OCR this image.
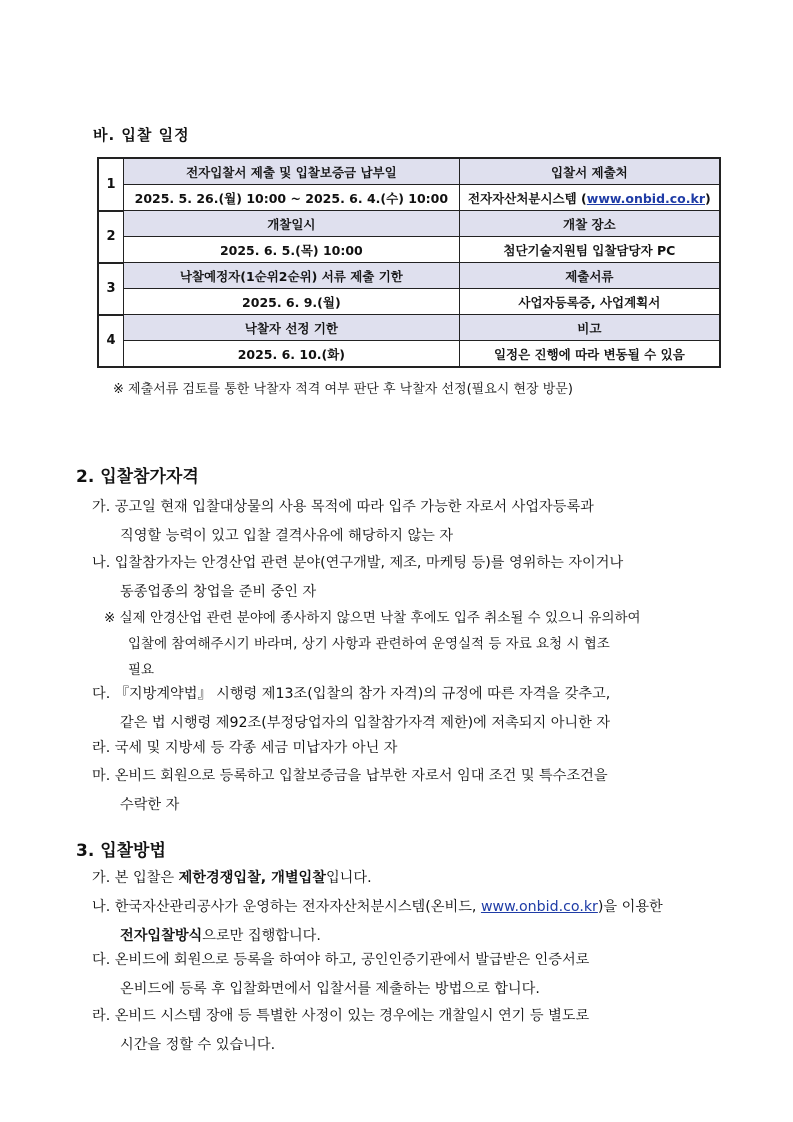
바. 입찰 일정
1	전자입찰서 제출 및 입찰보증금 납부일	입찰서 제출처
	2025. 5. 26.(월) 10:00 ~ 2025. 6. 4.(수) 10:00	전자자산처분시스템 (www.onbid.co.kr)
2	개찰일시	개찰 장소
	2025. 6. 5.(목) 10:00	첨단기술지원팀 입찰담당자 PC
3	낙찰예정자(1순위2순위) 서류 제출 기한	제출서류
	2025. 6. 9.(월)	사업자등록증, 사업계획서
4	낙찰자 선정 기한	비고
	2025. 6. 10.(화)	일정은 진행에 따라 변동될 수 있음
※ 제출서류 검토를 통한 낙찰자 적격 여부 판단 후 낙찰자 선정(필요시 현장 방문)
2. 입찰참가자격
가. 공고일 현재 입찰대상물의 사용 목적에 따라 입주 가능한 자로서 사업자등록과
직영할 능력이 있고 입찰 결격사유에 해당하지 않는 자
나. 입찰참가자는 안경산업 관련 분야(연구개발, 제조, 마케팅 등)를 영위하는 자이거나
동종업종의 창업을 준비 중인 자
※ 실제 안경산업 관련 분야에 종사하지 않으면 낙찰 후에도 입주 취소될 수 있으니 유의하여
입찰에 참여해주시기 바라며, 상기 사항과 관련하여 운영실적 등 자료 요청 시 협조
필요
다. 『지방계약법』 시행령 제13조(입찰의 참가 자격)의 규정에 따른 자격을 갖추고,
같은 법 시행령 제92조(부정당업자의 입찰참가자격 제한)에 저촉되지 아니한 자
라. 국세 및 지방세 등 각종 세금 미납자가 아닌 자
마. 온비드 회원으로 등록하고 입찰보증금을 납부한 자로서 임대 조건 및 특수조건을
수락한 자
3. 입찰방법
가. 본 입찰은 제한경쟁입찰, 개별입찰입니다.
나. 한국자산관리공사가 운영하는 전자자산처분시스템(온비드, www.onbid.co.kr)을 이용한
전자입찰방식으로만 집행합니다.
다. 온비드에 회원으로 등록을 하여야 하고, 공인인증기관에서 발급받은 인증서로
온비드에 등록 후 입찰화면에서 입찰서를 제출하는 방법으로 합니다.
라. 온비드 시스템 장애 등 특별한 사정이 있는 경우에는 개찰일시 연기 등 별도로
시간을 정할 수 있습니다.
